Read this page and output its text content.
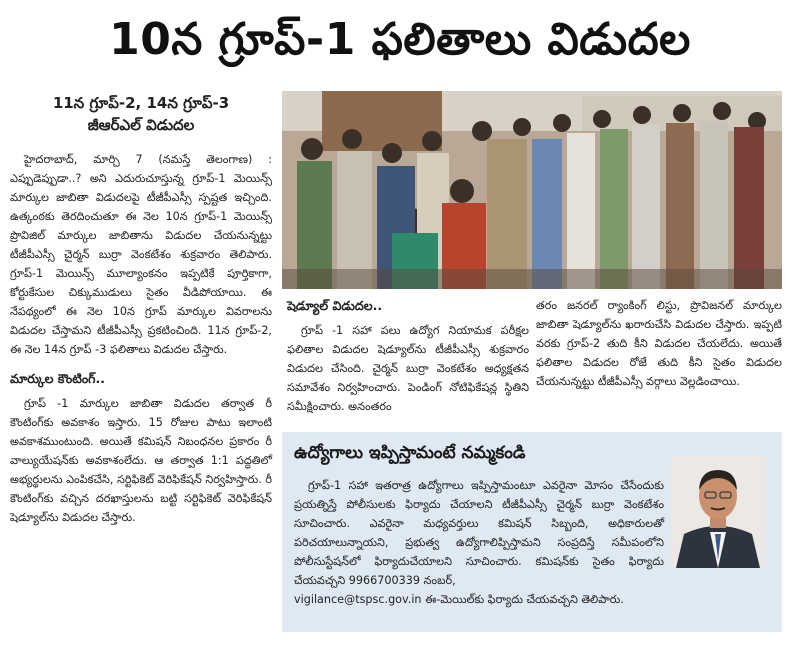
10న గ్రూప్‌-1 ఫలితాలు విడుదల
11న గ్రూప్‌-2, 14న గ్రూప్‌-3
జీఆర్‌ఎల్‌ విడుదల

హైదరాబాద్‌, మార్చి 7 (నమస్తే తెలంగాణ) : ఎప్పుడెప్పుడా..? అని ఎదురుచూస్తున్న గ్రూప్‌-1 మెయిన్స్‌ మార్కుల జాబితా విడుదలపై టీజీపీఎస్సీ స్పష్టత ఇచ్చింది. ఉత్కంఠకు తెరదించుతూ ఈ నెల 10న గ్రూప్‌-1 మెయిన్స్‌ ప్రొవిజిల్‌ మార్కుల జాబితాను విడుదల చేయనున్నట్టు టీజీపీఎస్సీ చైర్మన్‌ బుర్రా వెంకటేశం శుక్రవారం తెలిపారు. గ్రూప్‌-1 మెయిన్స్‌ మూల్యాంకనం ఇప్పటికే పూర్తికాగా, కోర్టుకేసుల చిక్కుముడులు సైతం వీడిపోయాయి. ఈ నేపథ్యంలో ఈ నెల 10న గ్రూప్‌ మార్కుల వివరాలను విడుదల చేస్తామని టీజీపీఎస్సీ ప్రకటించింది. 11న గ్రూప్‌-2, ఈ నెల 14న గ్రూప్‌ -3 ఫలితాలు విడుదల చేస్తారు.

మార్కుల కౌంటింగ్‌..

గ్రూప్‌ -1 మార్కుల జాబితా విడుదల తర్వాత రీ కౌంటింగ్‌కు అవకాశం ఇస్తారు. 15 రోజుల పాటు ఇలాంటి అవకాశముంటుంది. అయితే కమిషన్‌ నిబంధనల ప్రకారం రీ వాల్యుయేషన్‌కు అవకాశంలేదు. ఆ తర్వాత 1:1 పద్ధతిలో అభ్యర్థులను ఎంపికచేసి, సర్టిఫికెట్‌ వెరిఫికేషన్‌ నిర్వహిస్తారు. రీ కౌంటింగ్‌కు వచ్చిన దరఖాస్తులను బట్టి సర్టిఫికెట్‌ వెరిఫికేషన్‌ షెడ్యూల్‌ను విడుదల చేస్తారు.

షెడ్యూల్‌ విడుదల..

గ్రూప్‌ -1 సహా పలు ఉద్యోగ నియామక పరీక్షల ఫలితాల విడుదల షెడ్యూల్‌ను టీజీపీఎస్సీ శుక్రవారం విడుదల చేసింది. చైర్మన్‌ బుర్రా వెంకటేశం అధ్యక్షతన సమావేశం నిర్వహించారు. పెండింగ్‌ నోటిఫికేషన్ల స్థితిని సమీక్షించారు. అనంతరం

తరం జనరల్‌ ర్యాంకింగ్‌ లిస్టు, ప్రొవిజనల్‌ మార్కుల జాబితా షెడ్యూల్‌ను ఖరారుచేసి విడుదల చేస్తారు. ఇప్పటి వరకు గ్రూప్‌-2 తుది కీని విడుదల చేయలేదు. అయితే ఫలితాల విడుదల రోజే తుది కీని సైతం విడుదల చేయనున్నట్టు టీజీపీఎస్సీ వర్గాలు వెల్లడించాయి.

ఉద్యోగాలు ఇప్పిస్తామంటే నమ్మకండి

గ్రూప్‌-1 సహా ఇతరాత్ర ఉద్యోగాలు ఇప్పిస్తామంటూ ఎవరైనా మోసం చేసేందుకు ప్రయత్నిస్తే పోలీసులకు ఫిర్యాదు చేయాలని టీజీపీఎస్సీ చైర్మన్‌ బుర్రా వెంకటేశం సూచించారు. ఎవరైనా మధ్యవర్తులు కమిషన్‌ సిబ్బంది, అధికారులతో పరిచయాలున్నాయని, ప్రభుత్వ ఉద్యోగాలిప్పిస్తామని సంప్రదిస్తే సమీపంలోని పోలీసుస్టేషన్‌లో ఫిర్యాదుచేయాలని సూచించారు. కమిషన్‌కు సైతం ఫిర్యాదు చేయవచ్చని 9966700339 నంబర్‌,

vigilance@tspsc.gov.in ఈ-మెయిల్‌కు ఫిర్యాదు చేయవచ్చని తెలిపారు.
